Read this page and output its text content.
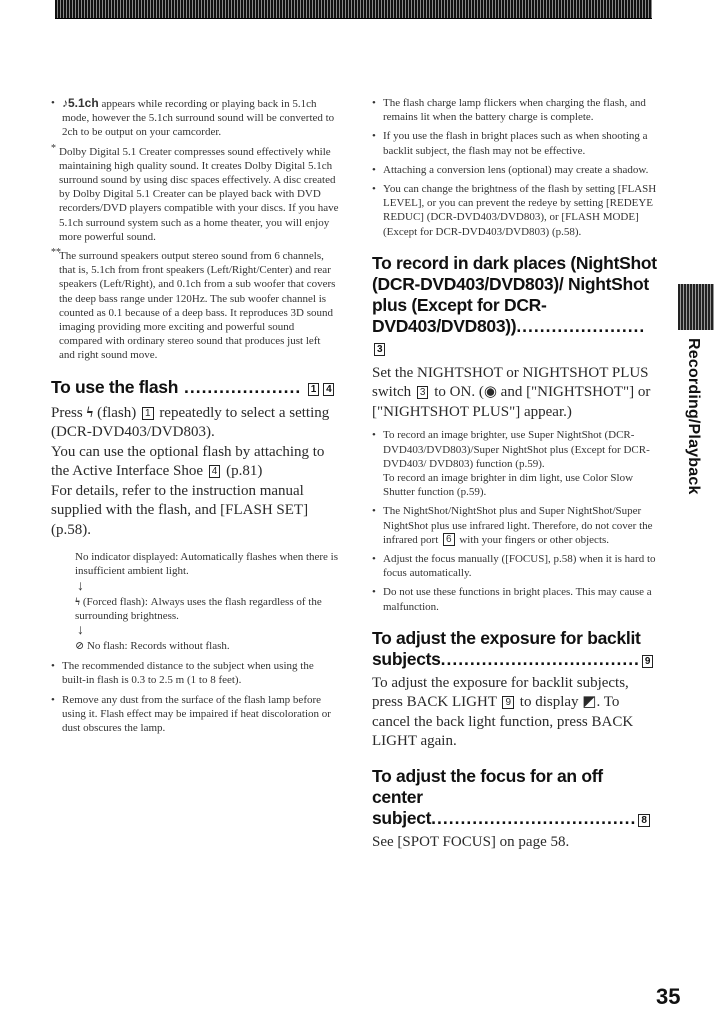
• ♪5.1ch appears while recording or playing back in 5.1ch mode, however the 5.1ch surround sound will be converted to 2ch to be output on your camcorder.
* Dolby Digital 5.1 Creater compresses sound effectively while maintaining high quality sound. It creates Dolby Digital 5.1ch surround sound by using disc spaces effectively. A disc created by Dolby Digital 5.1 Creater can be played back with DVD recorders/DVD players compatible with your discs. If you have 5.1ch surround system such as a home theater, you will enjoy more powerful sound.
**
The surround speakers output stereo sound from 6 channels, that is, 5.1ch from front speakers (Left/Right/Center) and rear speakers (Left/Right), and 0.1ch from a sub woofer that covers the deep bass range under 120Hz. The sub woofer channel is counted as 0.1 because of a deep bass. It reproduces 3D sound imaging providing more exciting and powerful sound compared with ordinary stereo sound that produces just left and right sound move.
To use the flash .................... 1 4
Press ϟ (flash) 1 repeatedly to select a setting (DCR-DVD403/DVD803).
You can use the optional flash by attaching to the Active Interface Shoe 4 (p.81)
For details, refer to the instruction manual supplied with the flash, and [FLASH SET] (p.58).
No indicator displayed: Automatically flashes when there is insufficient ambient light.
↓
ϟ (Forced flash): Always uses the flash regardless of the surrounding brightness.
↓
⊘ No flash: Records without flash.
• The recommended distance to the subject when using the built-in flash is 0.3 to 2.5 m (1 to 8 feet).
• Remove any dust from the surface of the flash lamp before using it. Flash effect may be impaired if heat discoloration or dust obscures the lamp.
• The flash charge lamp flickers when charging the flash, and remains lit when the battery charge is complete.
• If you use the flash in bright places such as when shooting a backlit subject, the flash may not be effective.
• Attaching a conversion lens (optional) may create a shadow.
• You can change the brightness of the flash by setting [FLASH LEVEL], or you can prevent the redeye by setting [REDEYE REDUC] (DCR-DVD403/DVD803), or [FLASH MODE] (Except for DCR-DVD403/DVD803) (p.58).
To record in dark places (NightShot (DCR-DVD403/DVD803)/ NightShot plus (Except for DCR-DVD403/DVD803))......................3
Set the NIGHTSHOT or NIGHTSHOT PLUS switch 3 to ON. (◉ and ["NIGHTSHOT"] or ["NIGHTSHOT PLUS"] appear.)
• To record an image brighter, use Super NightShot (DCR-DVD403/DVD803)/Super NightShot plus (Except for DCR-DVD403/ DVD803) function (p.59).
To record an image brighter in dim light, use Color Slow Shutter function (p.59).
• The NightShot/NightShot plus and Super NightShot/Super NightShot plus use infrared light. Therefore, do not cover the infrared port 6 with your fingers or other objects.
• Adjust the focus manually ([FOCUS], p.58) when it is hard to focus automatically.
• Do not use these functions in bright places. This may cause a malfunction.
To adjust the exposure for backlit subjects.................................. 9
To adjust the exposure for backlit subjects, press BACK LIGHT 9 to display ◩. To cancel the back light function, press BACK LIGHT again.
To adjust the focus for an off center subject................................... 8
See [SPOT FOCUS] on page 58.
Recording/Playback
35
